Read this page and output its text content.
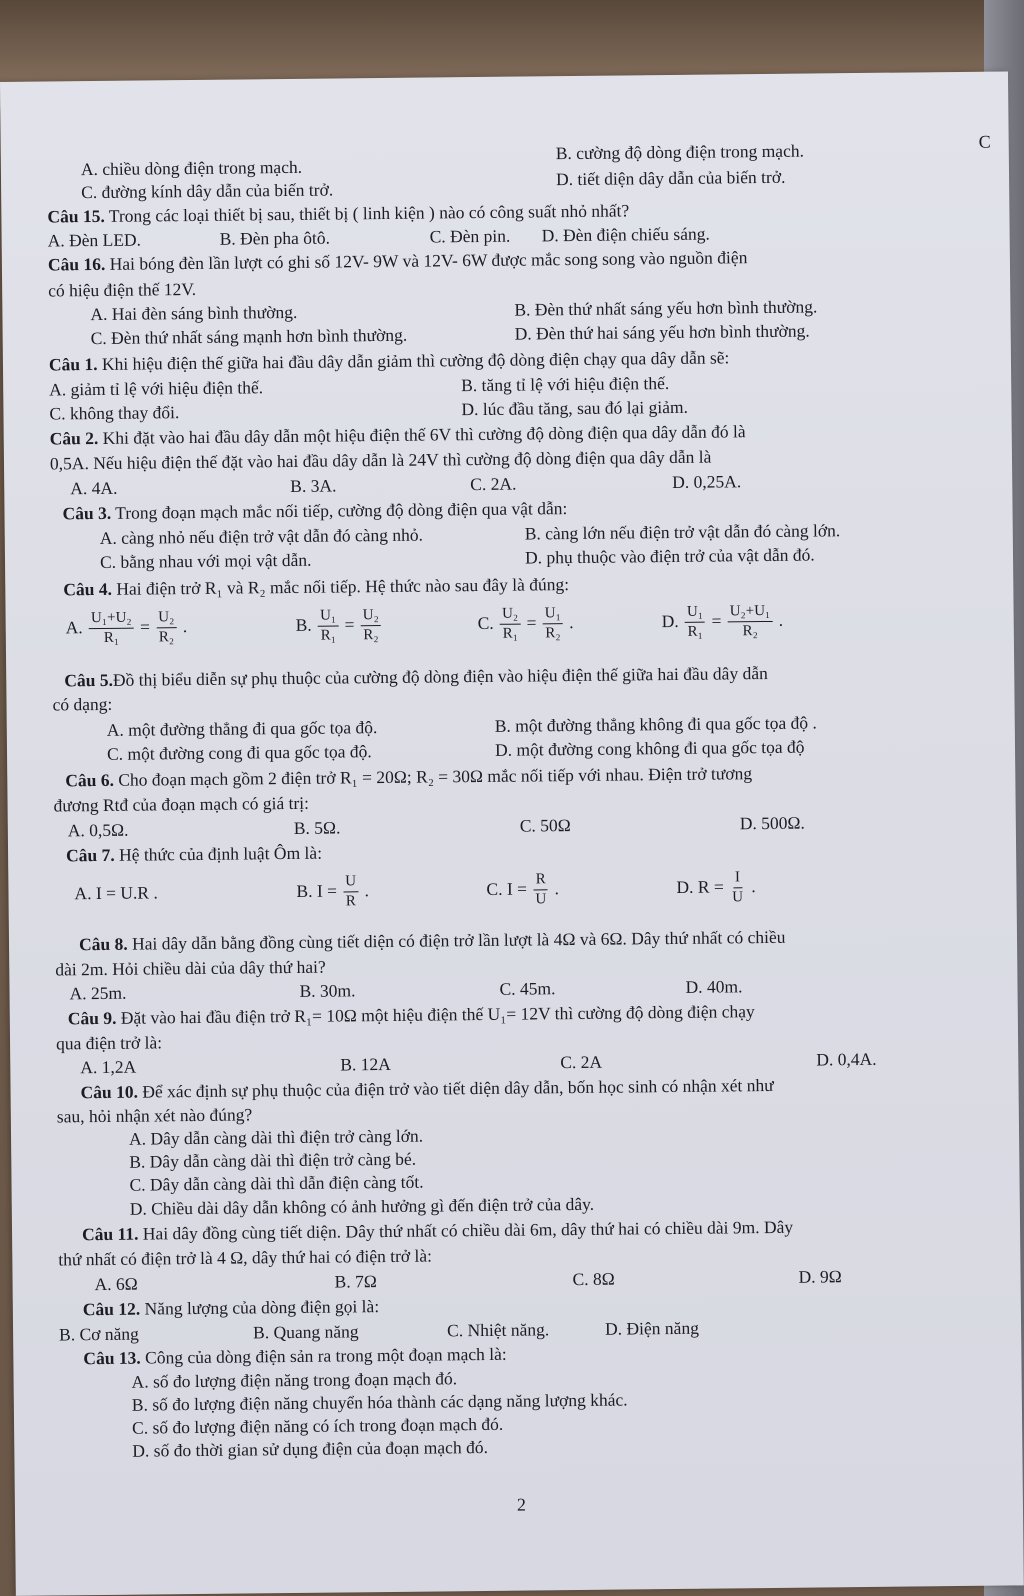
C
A. chiều dòng điện trong mạch.
B. cường độ dòng điện trong mạch.
C. đường kính dây dẫn của biến trở.
D. tiết diện dây dẫn của biến trở.
Câu 15. Trong các loại thiết bị sau, thiết bị ( linh kiện ) nào có công suất nhỏ nhất?
A. Đèn LED.	B. Đèn pha ôtô.	C. Đèn pin. D. Đèn điện chiếu sáng.
Câu 16. Hai bóng đèn lần lượt có ghi số 12V- 9W và 12V- 6W được mắc song song vào nguồn điện
có hiệu điện thế 12V.
A. Hai đèn sáng bình thường.	B. Đèn thứ nhất sáng yếu hơn bình thường.
C. Đèn thứ nhất sáng mạnh hơn bình thường.	D. Đèn thứ hai sáng yếu hơn bình thường.
Câu 1. Khi hiệu điện thế giữa hai đầu dây dẫn giảm thì cường độ dòng điện chạy qua dây dẫn sẽ:
A. giảm tỉ lệ với hiệu điện thế.	B. tăng tỉ lệ với hiệu điện thế.
C. không thay đổi.	D. lúc đầu tăng, sau đó lại giảm.
Câu 2. Khi đặt vào hai đầu dây dẫn một hiệu điện thế 6V thì cường độ dòng điện qua dây dẫn đó là
0,5A. Nếu hiệu điện thế đặt vào hai đầu dây dẫn là 24V thì cường độ dòng điện qua dây dẫn là
A. 4A.	B. 3A.	C. 2A.	D. 0,25A.
Câu 3. Trong đoạn mạch mắc nối tiếp, cường độ dòng điện qua vật dẫn:
A. càng nhỏ nếu điện trở vật dẫn đó càng nhỏ.	B. càng lớn nếu điện trở vật dẫn đó càng lớn.
C. bằng nhau với mọi vật dẫn.	D. phụ thuộc vào điện trở của vật dẫn đó.
Câu 4. Hai điện trở R₁ và R₂ mắc nối tiếp. Hệ thức nào sau đây là đúng:
A. $\frac{\text{U₁+U₂}}{\text{R₁}} = \frac{\text{U₂}}{\text{R₂}}$ .	B. $\frac{\text{U₁}}{\text{R₁}} = \frac{\text{U₂}}{\text{R₂}}$	C. $\frac{\text{U₂}}{\text{R₁}} = \frac{\text{U₁}}{\text{R₂}}$ .	D. $\frac{\text{U₁}}{\text{R₁}} = \frac{\text{U₂+U₁}}{\text{R₂}}$ .
Câu 5.Đồ thị biểu diễn sự phụ thuộc của cường độ dòng điện vào hiệu điện thế giữa hai đầu dây dẫn
có dạng:
A. một đường thẳng đi qua gốc tọa độ.	B. một đường thẳng không đi qua gốc tọa độ .
C. một đường cong đi qua gốc tọa độ.	D. một đường cong không đi qua gốc tọa độ
Câu 6. Cho đoạn mạch gồm 2 điện trở R₁ = 20Ω; R₂ = 30Ω mắc nối tiếp với nhau. Điện trở tương
đương Rtđ của đoạn mạch có giá trị:
A. 0,5Ω.	B. 5Ω.	C. 50Ω	D. 500Ω.
Câu 7. Hệ thức của định luật Ôm là:
A. I = U.R .	B. $I = \frac{U}{R}$ .	C. $I = \frac{R}{U}$ .	D. $R = \frac{I}{U}$ .
Câu 8. Hai dây dẫn bằng đồng cùng tiết diện có điện trở lần lượt là 4Ω và 6Ω. Dây thứ nhất có chiều
dài 2m. Hỏi chiều dài của dây thứ hai?
A. 25m.	B. 30m.	C. 45m.	D. 40m.
Câu 9. Đặt vào hai đầu điện trở R₁= 10Ω một hiệu điện thế U₁= 12V thì cường độ dòng điện chạy
qua điện trở là:
A. 1,2A	B. 12A	C. 2A	D. 0,4A.
Câu 10. Để xác định sự phụ thuộc của điện trở vào tiết diện dây dẫn, bốn học sinh có nhận xét như
sau, hỏi nhận xét nào đúng?
A. Dây dẫn càng dài thì điện trở càng lớn.
B. Dây dẫn càng dài thì điện trở càng bé.
C. Dây dẫn càng dài thì dẫn điện càng tốt.
D. Chiều dài dây dẫn không có ảnh hưởng gì đến điện trở của dây.
Câu 11. Hai dây đồng cùng tiết diện. Dây thứ nhất có chiều dài 6m, dây thứ hai có chiều dài 9m. Dây
thứ nhất có điện trở là 4 Ω, dây thứ hai có điện trở là:
A. 6Ω	B. 7Ω	C. 8Ω	D. 9Ω
Câu 12. Năng lượng của dòng điện gọi là:
B. Cơ năng	B. Quang năng	C. Nhiệt năng.	D. Điện năng
Câu 13. Công của dòng điện sản ra trong một đoạn mạch là:
A. số đo lượng điện năng trong đoạn mạch đó.
B. số đo lượng điện năng chuyển hóa thành các dạng năng lượng khác.
C. số đo lượng điện năng có ích trong đoạn mạch đó.
D. số đo thời gian sử dụng điện của đoạn mạch đó.
2
